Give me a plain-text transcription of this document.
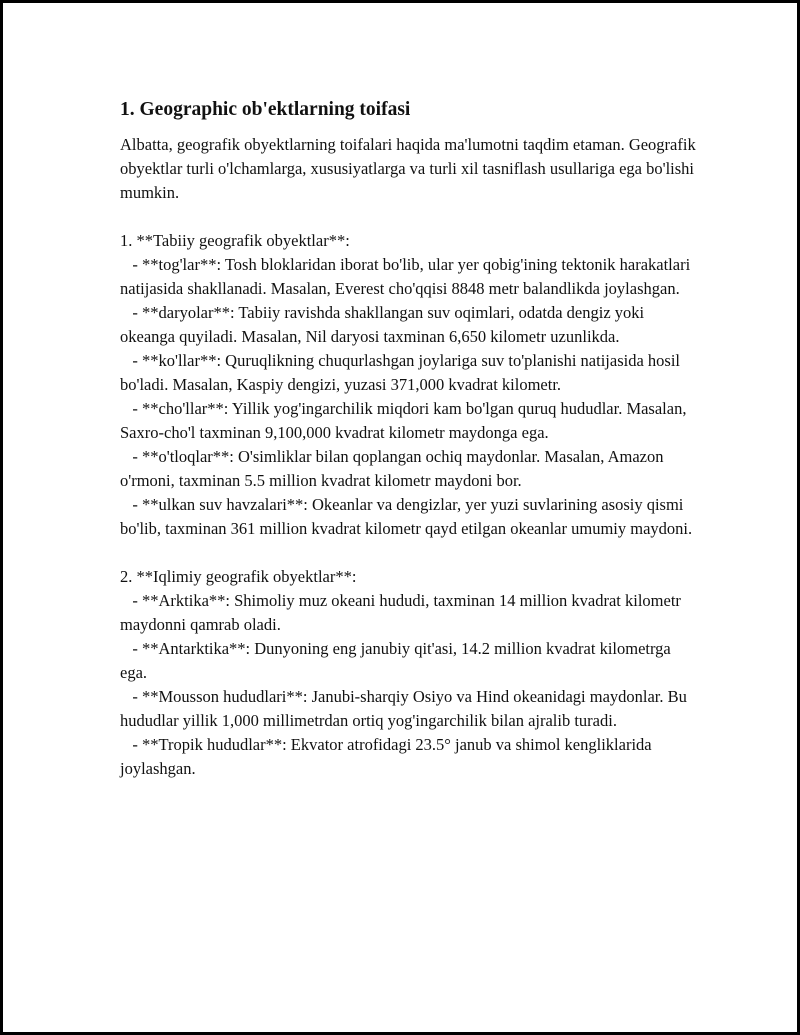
1. Geographic ob'ektlarning toifasi

Albatta, geografik obyektlarning toifalari haqida ma'lumotni taqdim etaman. Geografik obyektlar turli o'lchamlarga, xususiyatlarga va turli xil tasniflash usullariga ega bo'lishi mumkin.

1. **Tabiiy geografik obyektlar**:

- **tog'lar**: Tosh bloklaridan iborat bo'lib, ular yer qobig'ining tektonik harakatlari natijasida shakllanadi. Masalan, Everest cho'qqisi 8848 metr balandlikda joylashgan.

- **daryolar**: Tabiiy ravishda shakllangan suv oqimlari, odatda dengiz yoki okeanga quyiladi. Masalan, Nil daryosi taxminan 6,650 kilometr uzunlikda.

- **ko'llar**: Quruqlikning chuqurlashgan joylariga suv to'planishi natijasida hosil bo'ladi. Masalan, Kaspiy dengizi, yuzasi 371,000 kvadrat kilometr.

- **cho'llar**: Yillik yog'ingarchilik miqdori kam bo'lgan quruq hududlar. Masalan, Saxro-cho'l taxminan 9,100,000 kvadrat kilometr maydonga ega.

- **o'tloqlar**: O'simliklar bilan qoplangan ochiq maydonlar. Masalan, Amazon o'rmoni, taxminan 5.5 million kvadrat kilometr maydoni bor.

- **ulkan suv havzalari**: Okeanlar va dengizlar, yer yuzi suvlarining asosiy qismi bo'lib, taxminan 361 million kvadrat kilometr qayd etilgan okeanlar umumiy maydoni.

2. **Iqlimiy geografik obyektlar**:

- **Arktika**: Shimoliy muz okeani hududi, taxminan 14 million kvadrat kilometr maydonni qamrab oladi.

- **Antarktika**: Dunyoning eng janubiy qit'asi, 14.2 million kvadrat kilometrga ega.

- **Mousson hududlari**: Janubi-sharqiy Osiyo va Hind okeanidagi maydonlar. Bu hududlar yillik 1,000 millimetrdan ortiq yog'ingarchilik bilan ajralib turadi.

- **Tropik hududlar**: Ekvator atrofidagi 23.5° janub va shimol kengliklarida joylashgan.
